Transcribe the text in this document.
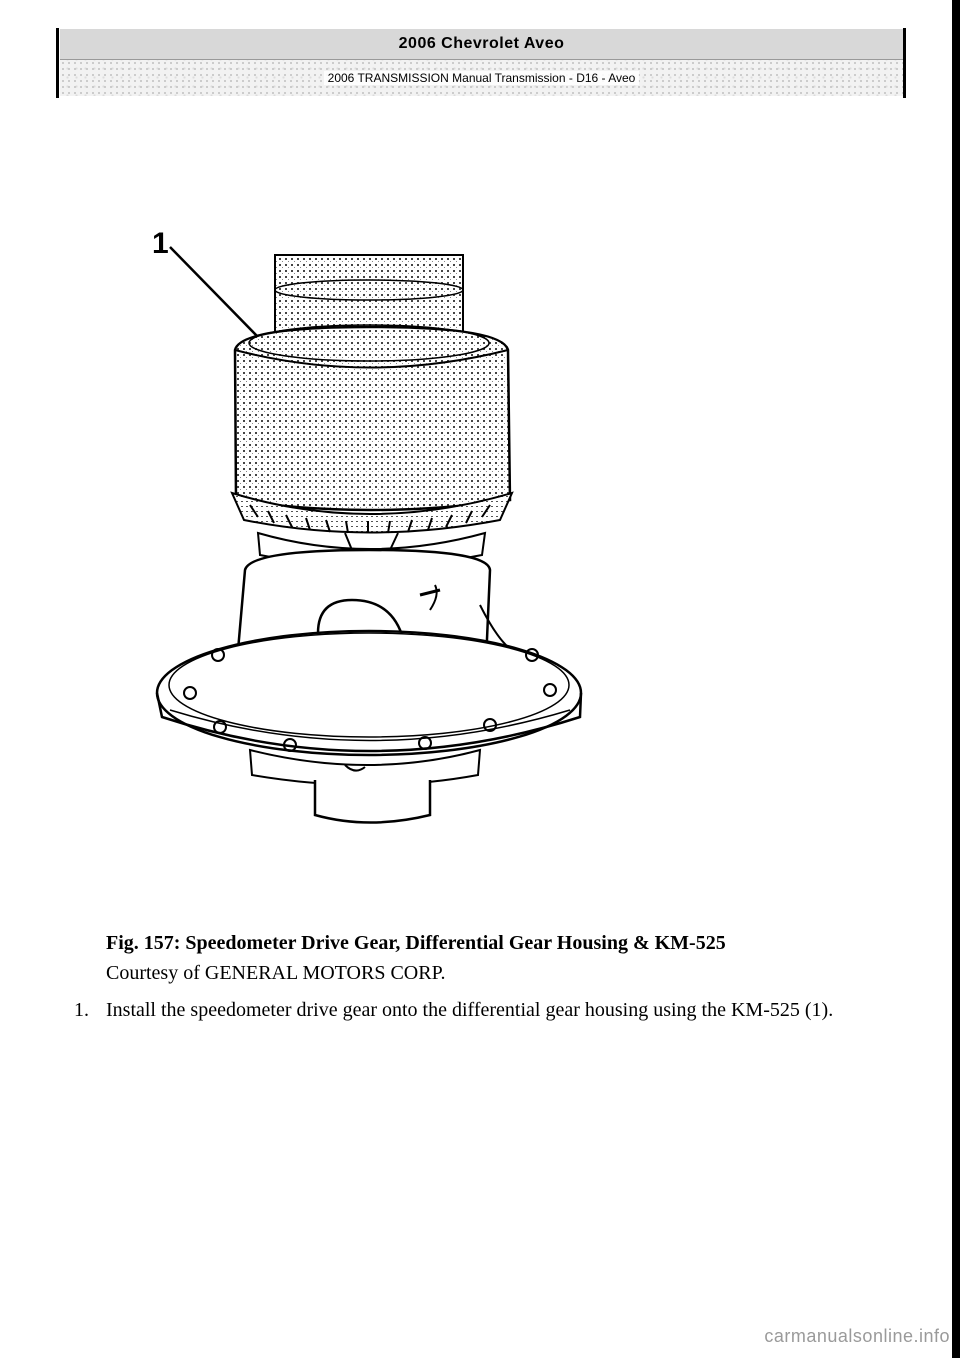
2006 Chevrolet Aveo
2006 TRANSMISSION Manual Transmission - D16 - Aveo
1
Fig. 157: Speedometer Drive Gear, Differential Gear Housing & KM-525
Courtesy of GENERAL MOTORS CORP.
1. Install the speedometer drive gear onto the differential gear housing using the KM-525 (1).
carmanualsonline.info
